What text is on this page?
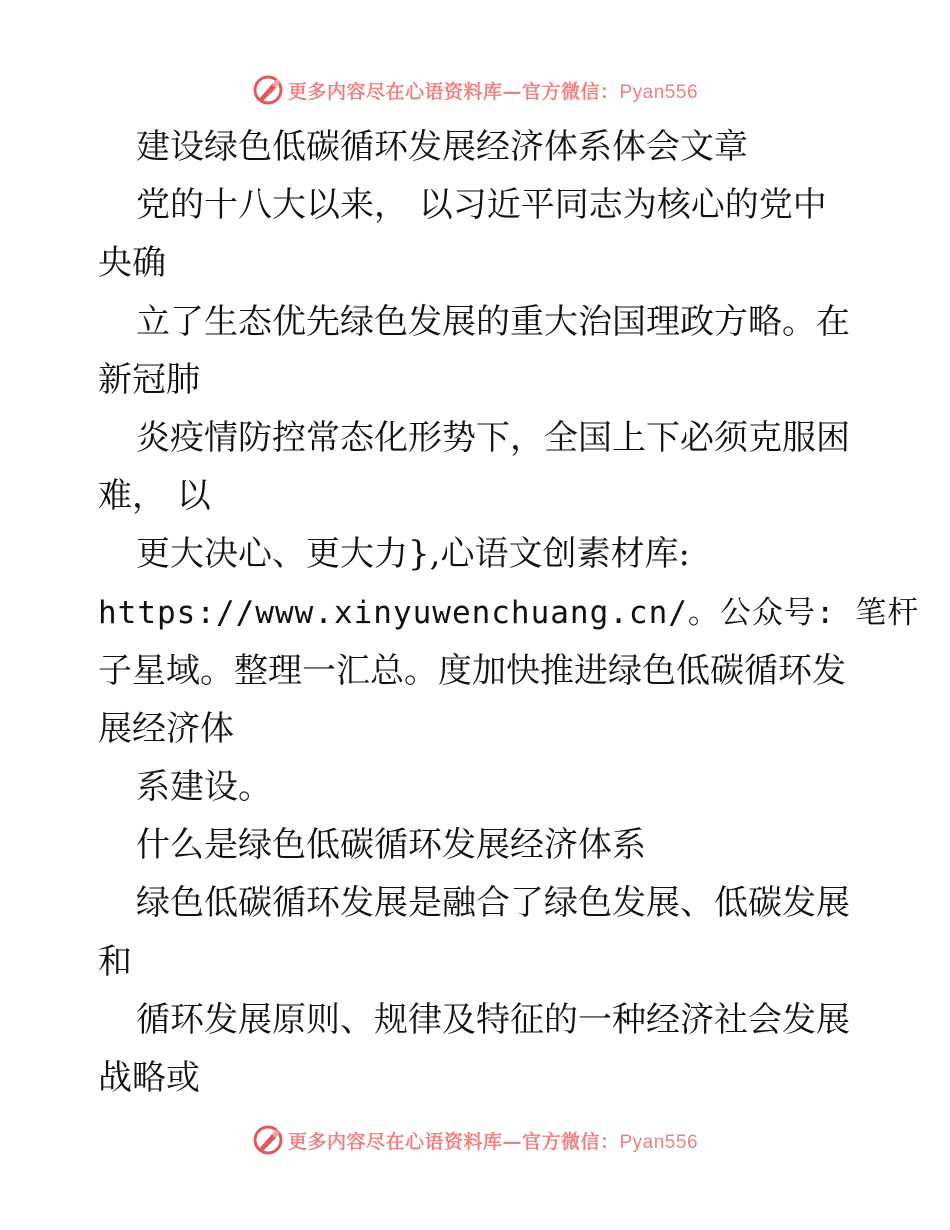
更多内容尽在心语资料库—官方微信：Pyan556
建设绿色低碳循环发展经济体系体会文章
党的十八大以来， 以习近平同志为核心的党中
央确
立了生态优先绿色发展的重大治国理政方略。在
新冠肺
炎疫情防控常态化形势下，全国上下必须克服困
难， 以
更大决心、更大力},心语文创素材库:
https://www.xinyuwenchuang.cn/。公众号: 笔杆
子星域。整理一汇总。度加快推进绿色低碳循环发
展经济体
系建设。
什么是绿色低碳循环发展经济体系
绿色低碳循环发展是融合了绿色发展、低碳发展
和
循环发展原则、规律及特征的一种经济社会发展
战略或
更多内容尽在心语资料库—官方微信：Pyan556
